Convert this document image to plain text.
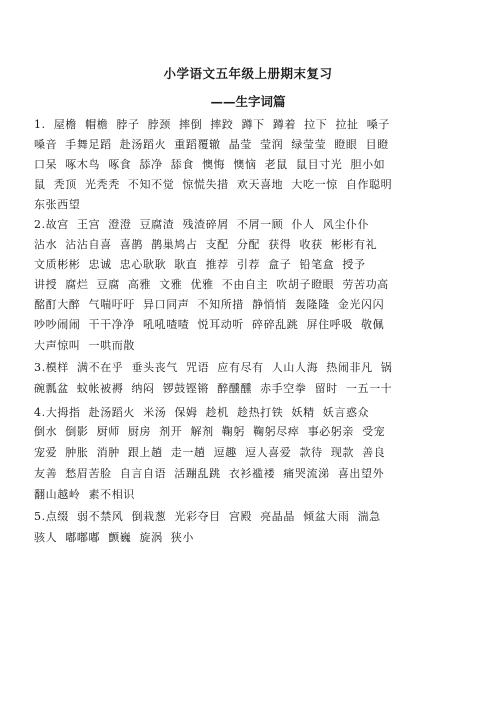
小学语文五年级上册期末复习
——生字词篇
1. 屋檐 帽檐 脖子 脖颈 摔倒 摔跤 蹲下 蹲着 拉下 拉扯 嗓子
嗓音 手舞足蹈 赴汤蹈火 重蹈覆辙 晶莹 莹润 绿莹莹 瞪眼 目瞪
口呆 啄木鸟 啄食 舔净 舔食 懊悔 懊恼 老鼠 鼠目寸光 胆小如
鼠 秃顶 光秃秃 不知不觉 惊慌失措 欢天喜地 大吃一惊 自作聪明
东张西望
2.故宫 王宫 澄澄 豆腐渣 残渣碎屑 不屑一顾 仆人 风尘仆仆
沾水 沾沾自喜 喜鹊 鹊巢鸠占 支配 分配 获得 收获 彬彬有礼
文质彬彬 忠诚 忠心耿耿 耿直 推荐 引荐 盒子 铅笔盒 授予
讲授 腐烂 豆腐 高雅 文雅 优雅 不由自主 吹胡子瞪眼 劳苦功高
酩酊大醉 气喘吁吁 异口同声 不知所措 静悄悄 轰隆隆 金光闪闪
吵吵闹闹 干干净净 吼吼喳喳 悦耳动听 碎碎乱跳 屏住呼吸 敬佩
大声惊叫 一哄而散
3.模样 满不在乎 垂头丧气 咒语 应有尽有 人山人海 热闹非凡 锅
碗瓢盆 蚊帐被褥 纳闷 锣鼓铿锵 醉醺醺 赤手空拳 留时 一五一十
4.大拇指 赴汤蹈火 米汤 保姆 趁机 趁热打铁 妖精 妖言惑众
倒水 倒影 厨师 厨房 剂开 解剂 鞠躬 鞠躬尽瘁 事必躬亲 受宠
宠爱 肿胀 消肿 跟上趟 走一趟 逗趣 逗人喜爱 款待 现款 善良
友善 愁眉苦脸 自言自语 活蹦乱跳 衣衫褴褛 痛哭流涕 喜出望外
翻山越岭 素不相识
5.点缀 弱不禁风 倒栽葱 光彩夺目 宫殿 亮晶晶 倾盆大雨 湍急
骇人 嘟嘟嘟 颤巍 旋涡 狭小
